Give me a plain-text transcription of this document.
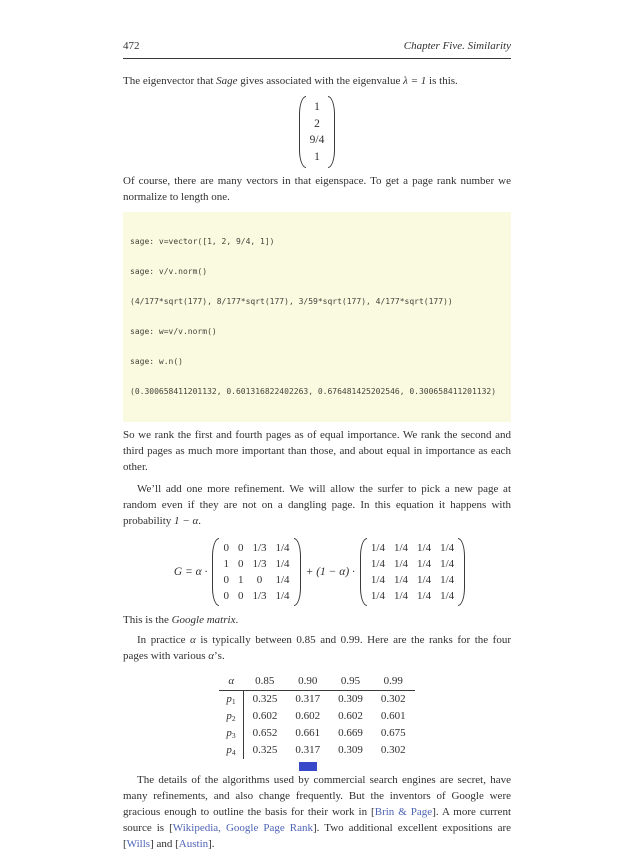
472	Chapter Five. Similarity

The eigenvector that Sage gives associated with the eigenvalue λ = 1 is this.

1
2
9/4
1

Of course, there are many vectors in that eigenspace. To get a page rank number we normalize to length one.

sage: v=vector([1, 2, 9/4, 1])

sage: v/v.norm()

(4/177*sqrt(177), 8/177*sqrt(177), 3/59*sqrt(177), 4/177*sqrt(177))

sage: w=v/v.norm()

sage: w.n()

(0.300658411201132, 0.601316822402263, 0.676481425202546, 0.300658411201132)

So we rank the first and fourth pages as of equal importance. We rank the second and third pages as much more important than those, and about equal in importance as each other.

We’ll add one more refinement. We will allow the surfer to pick a new page at random even if they are not on a dangling page. In this equation it happens with probability 1 − α.

G = α ·
0 0 1/3 1/4
1 0 1/3 1/4
0 1	0	1/4
0 0 1/3 1/4
+ (1 − α) ·
1/4 1/4 1/4 1/4
1/4 1/4 1/4 1/4
1/4 1/4 1/4 1/4
1/4 1/4 1/4 1/4

This is the Google matrix.

In practice α is typically between 0.85 and 0.99. Here are the ranks for the four pages with various α’s.

α	0.85	0.90	0.95	0.99
$p_1$	0.325	0.317	0.309	0.302
$p_2$	0.602	0.602	0.602	0.601
$p_3$	0.652	0.661	0.669	0.675
$p_4$	0.325	0.317	0.309	0.302

The details of the algorithms used by commercial search engines are secret, have many refinements, and also change frequently. But the inventors of Google were gracious enough to outline the basis for their work in [Brin & Page]. A more current source is [Wikipedia, Google Page Rank]. Two additional excellent expositions are [Wills] and [Austin].
